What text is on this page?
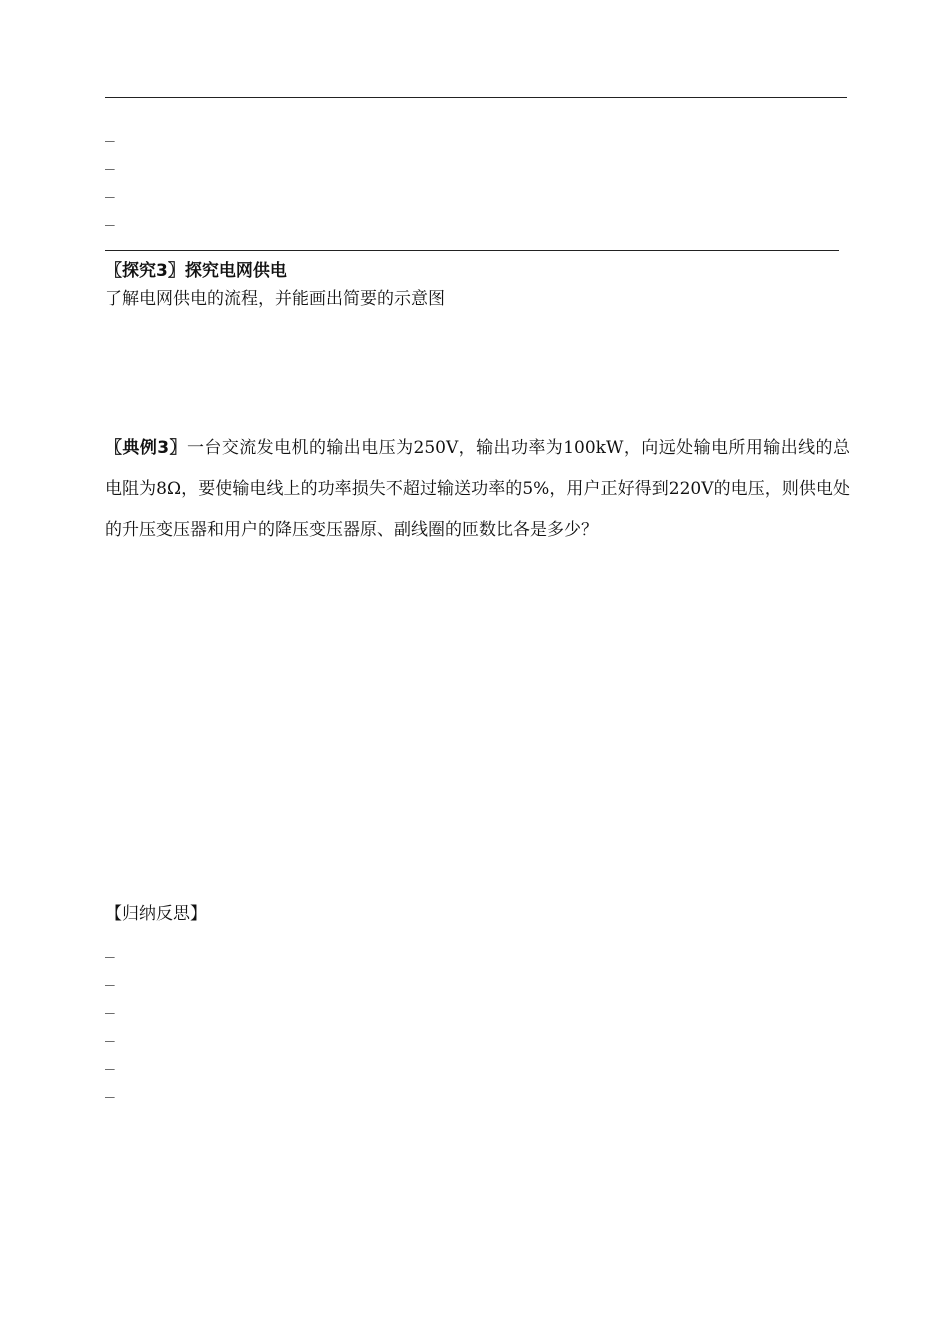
_
_
_
_
〖探究3〗探究电网供电
了解电网供电的流程，并能画出简要的示意图
〖典例3〗一台交流发电机的输出电压为250V，输出功率为100kW，向远处输电所用输出线的总电阻为8Ω，要使输电线上的功率损失不超过输送功率的5%，用户正好得到220V的电压，则供电处的升压变压器和用户的降压变压器原、副线圈的匝数比各是多少？
【归纳反思】
_
_
_
_
_
_
